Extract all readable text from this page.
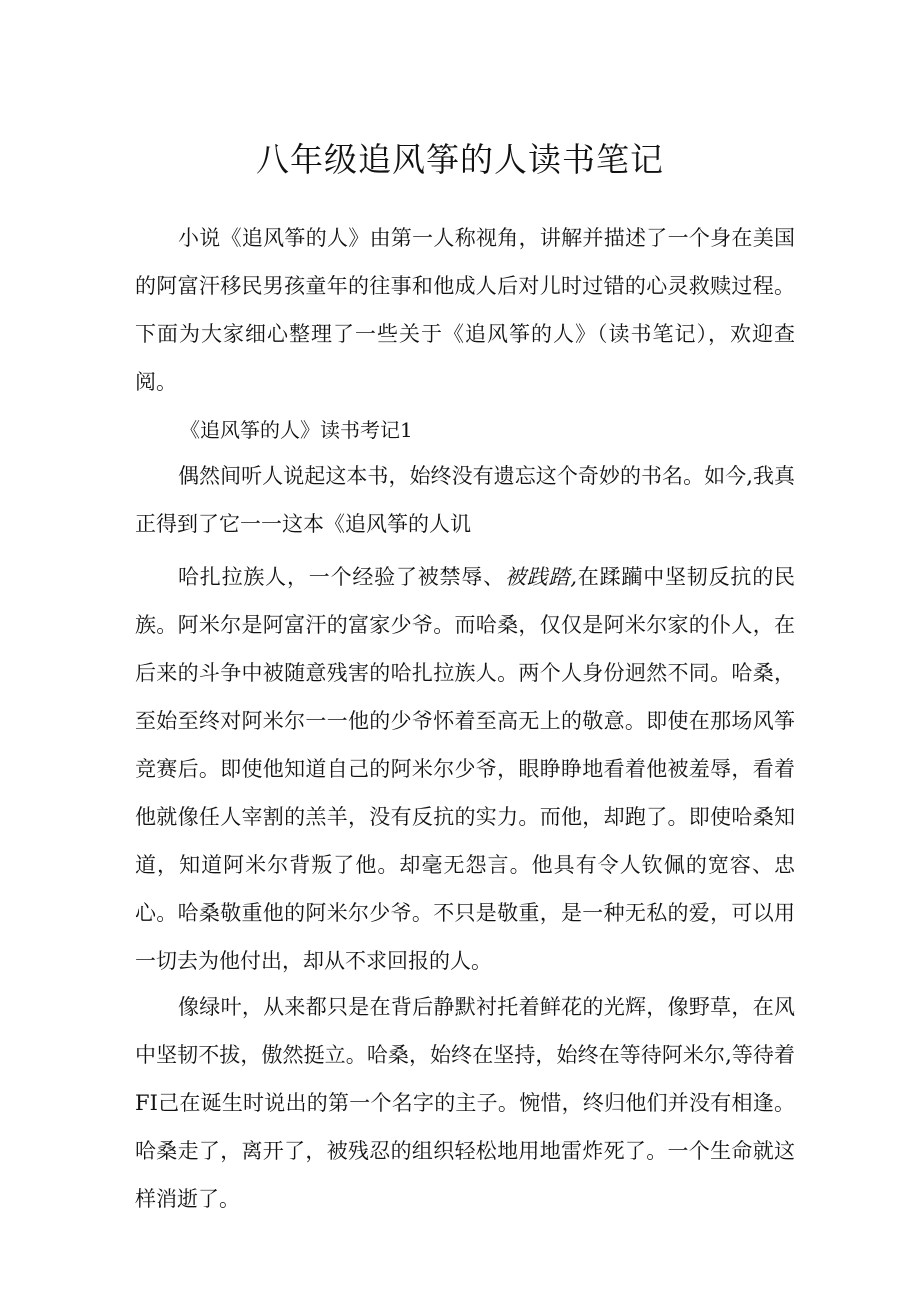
八年级追风筝的人读书笔记

小说《追风筝的人》由第一人称视角，讲解并描述了一个身在美国的阿富汗移民男孩童年的往事和他成人后对儿时过错的心灵救赎过程。下面为大家细心整理了一些关于《追风筝的人》（读书笔记），欢迎查阅。

《追风筝的人》读书考记1

偶然间听人说起这本书，始终没有遗忘这个奇妙的书名。如今,我真正得到了它一一这本《追风筝的人讥

哈扎拉族人，一个经验了被禁辱、被践踏,在蹂躏中坚韧反抗的民族。阿米尔是阿富汗的富家少爷。而哈桑，仅仅是阿米尔家的仆人，在后来的斗争中被随意残害的哈扎拉族人。两个人身份迥然不同。哈桑，至始至终对阿米尔一一他的少爷怀着至高无上的敬意。即使在那场风筝竞赛后。即使他知道自己的阿米尔少爷，眼睁睁地看着他被羞辱，看着他就像任人宰割的羔羊，没有反抗的实力。而他，却跑了。即使哈桑知道，知道阿米尔背叛了他。却毫无怨言。他具有令人钦佩的宽容、忠心。哈桑敬重他的阿米尔少爷。不只是敬重，是一种无私的爱，可以用一切去为他付出，却从不求回报的人。

像绿叶，从来都只是在背后静默衬托着鲜花的光辉，像野草，在风中坚韧不拔，傲然挺立。哈桑，始终在坚持，始终在等待阿米尔,等待着FI己在诞生时说出的第一个名字的主子。惋惜，终归他们并没有相逢。哈桑走了，离开了，被残忍的组织轻松地用地雷炸死了。一个生命就这样消逝了。
